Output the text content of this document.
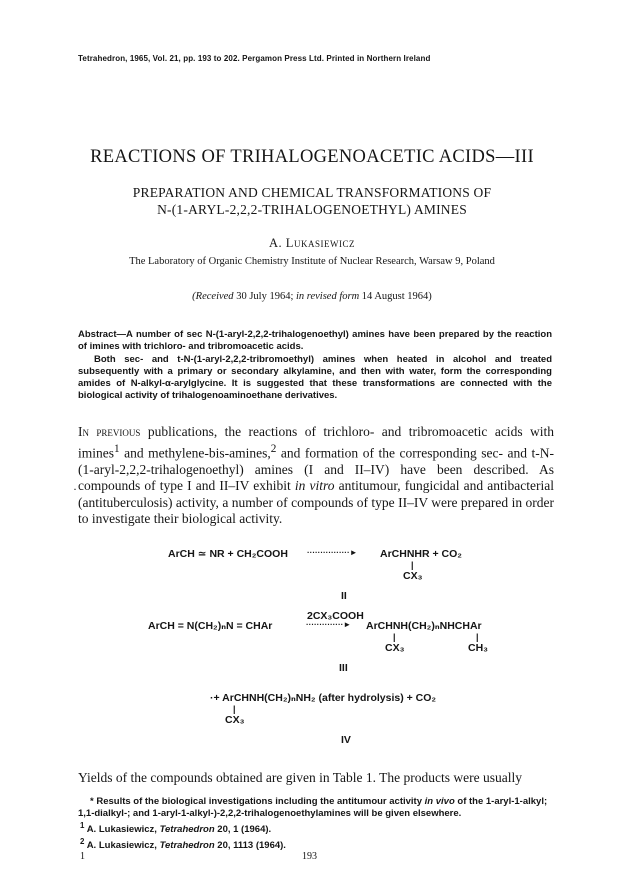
Tetrahedron, 1965, Vol. 21, pp. 193 to 202. Pergamon Press Ltd. Printed in Northern Ireland
REACTIONS OF TRIHALOGENOACETIC ACIDS—III
PREPARATION AND CHEMICAL TRANSFORMATIONS OF
N-(1-ARYL-2,2,2-TRIHALOGENOETHYL) AMINES
A. Lukasiewicz
The Laboratory of Organic Chemistry Institute of Nuclear Research, Warsaw 9, Poland
(Received 30 July 1964; in revised form 14 August 1964)

Abstract—A number of sec N-(1-aryl-2,2,2-trihalogenoethyl) amines have been prepared by the reaction of imines with trichloro- and tribromoacetic acids.

Both sec- and t-N-(1-aryl-2,2,2-tribromoethyl) amines when heated in alcohol and treated subsequently with a primary or secondary alkylamine, and then with water, form the corresponding amides of N-alkyl-α-arylglycine. It is suggested that these transformations are connected with the biological activity of trihalogenoaminoethane derivatives.

·

In previous publications, the reactions of trichloro- and tribromoacetic acids with imines$^1$ and methylene-bis-amines,$^2$ and formation of the corresponding sec- and t-N-(1-aryl-2,2,2-trihalogenoethyl) amines (I and II–IV) have been described. As compounds of type I and II–IV exhibit in vitro antitumour, fungicidal and antibacterial (antituberculosis) activity, a number of compounds of type II–IV were prepared in order to investigate their biological activity.

ArCH ≃ NR + CH₂COOH ················► ArCHNHR + CO₂
|
CX₃
II
ArCH = N(CH₂)ₙN = CHAr
2CX₃COOH
··············► ArCHNH(CH₂)ₙNHCHAr
|	|
CX₃	CH₃
III
·+ ArCHNH(CH₂)ₙNH₂ (after hydrolysis) + CO₂
|
CX₃
IV
Yields of the compounds obtained are given in Table 1. The products were usually

* Results of the biological investigations including the antitumour activity in vivo of the 1-aryl-1-alkyl; 1,1-dialkyl-; and 1-aryl-1-alkyl-)-2,2,2-trihalogenoethylamines will be given elsewhere.

$^1$ A. Lukasiewicz, Tetrahedron 20, 1 (1964).

$^2$ A. Lukasiewicz, Tetrahedron 20, 1113 (1964).

1	193
